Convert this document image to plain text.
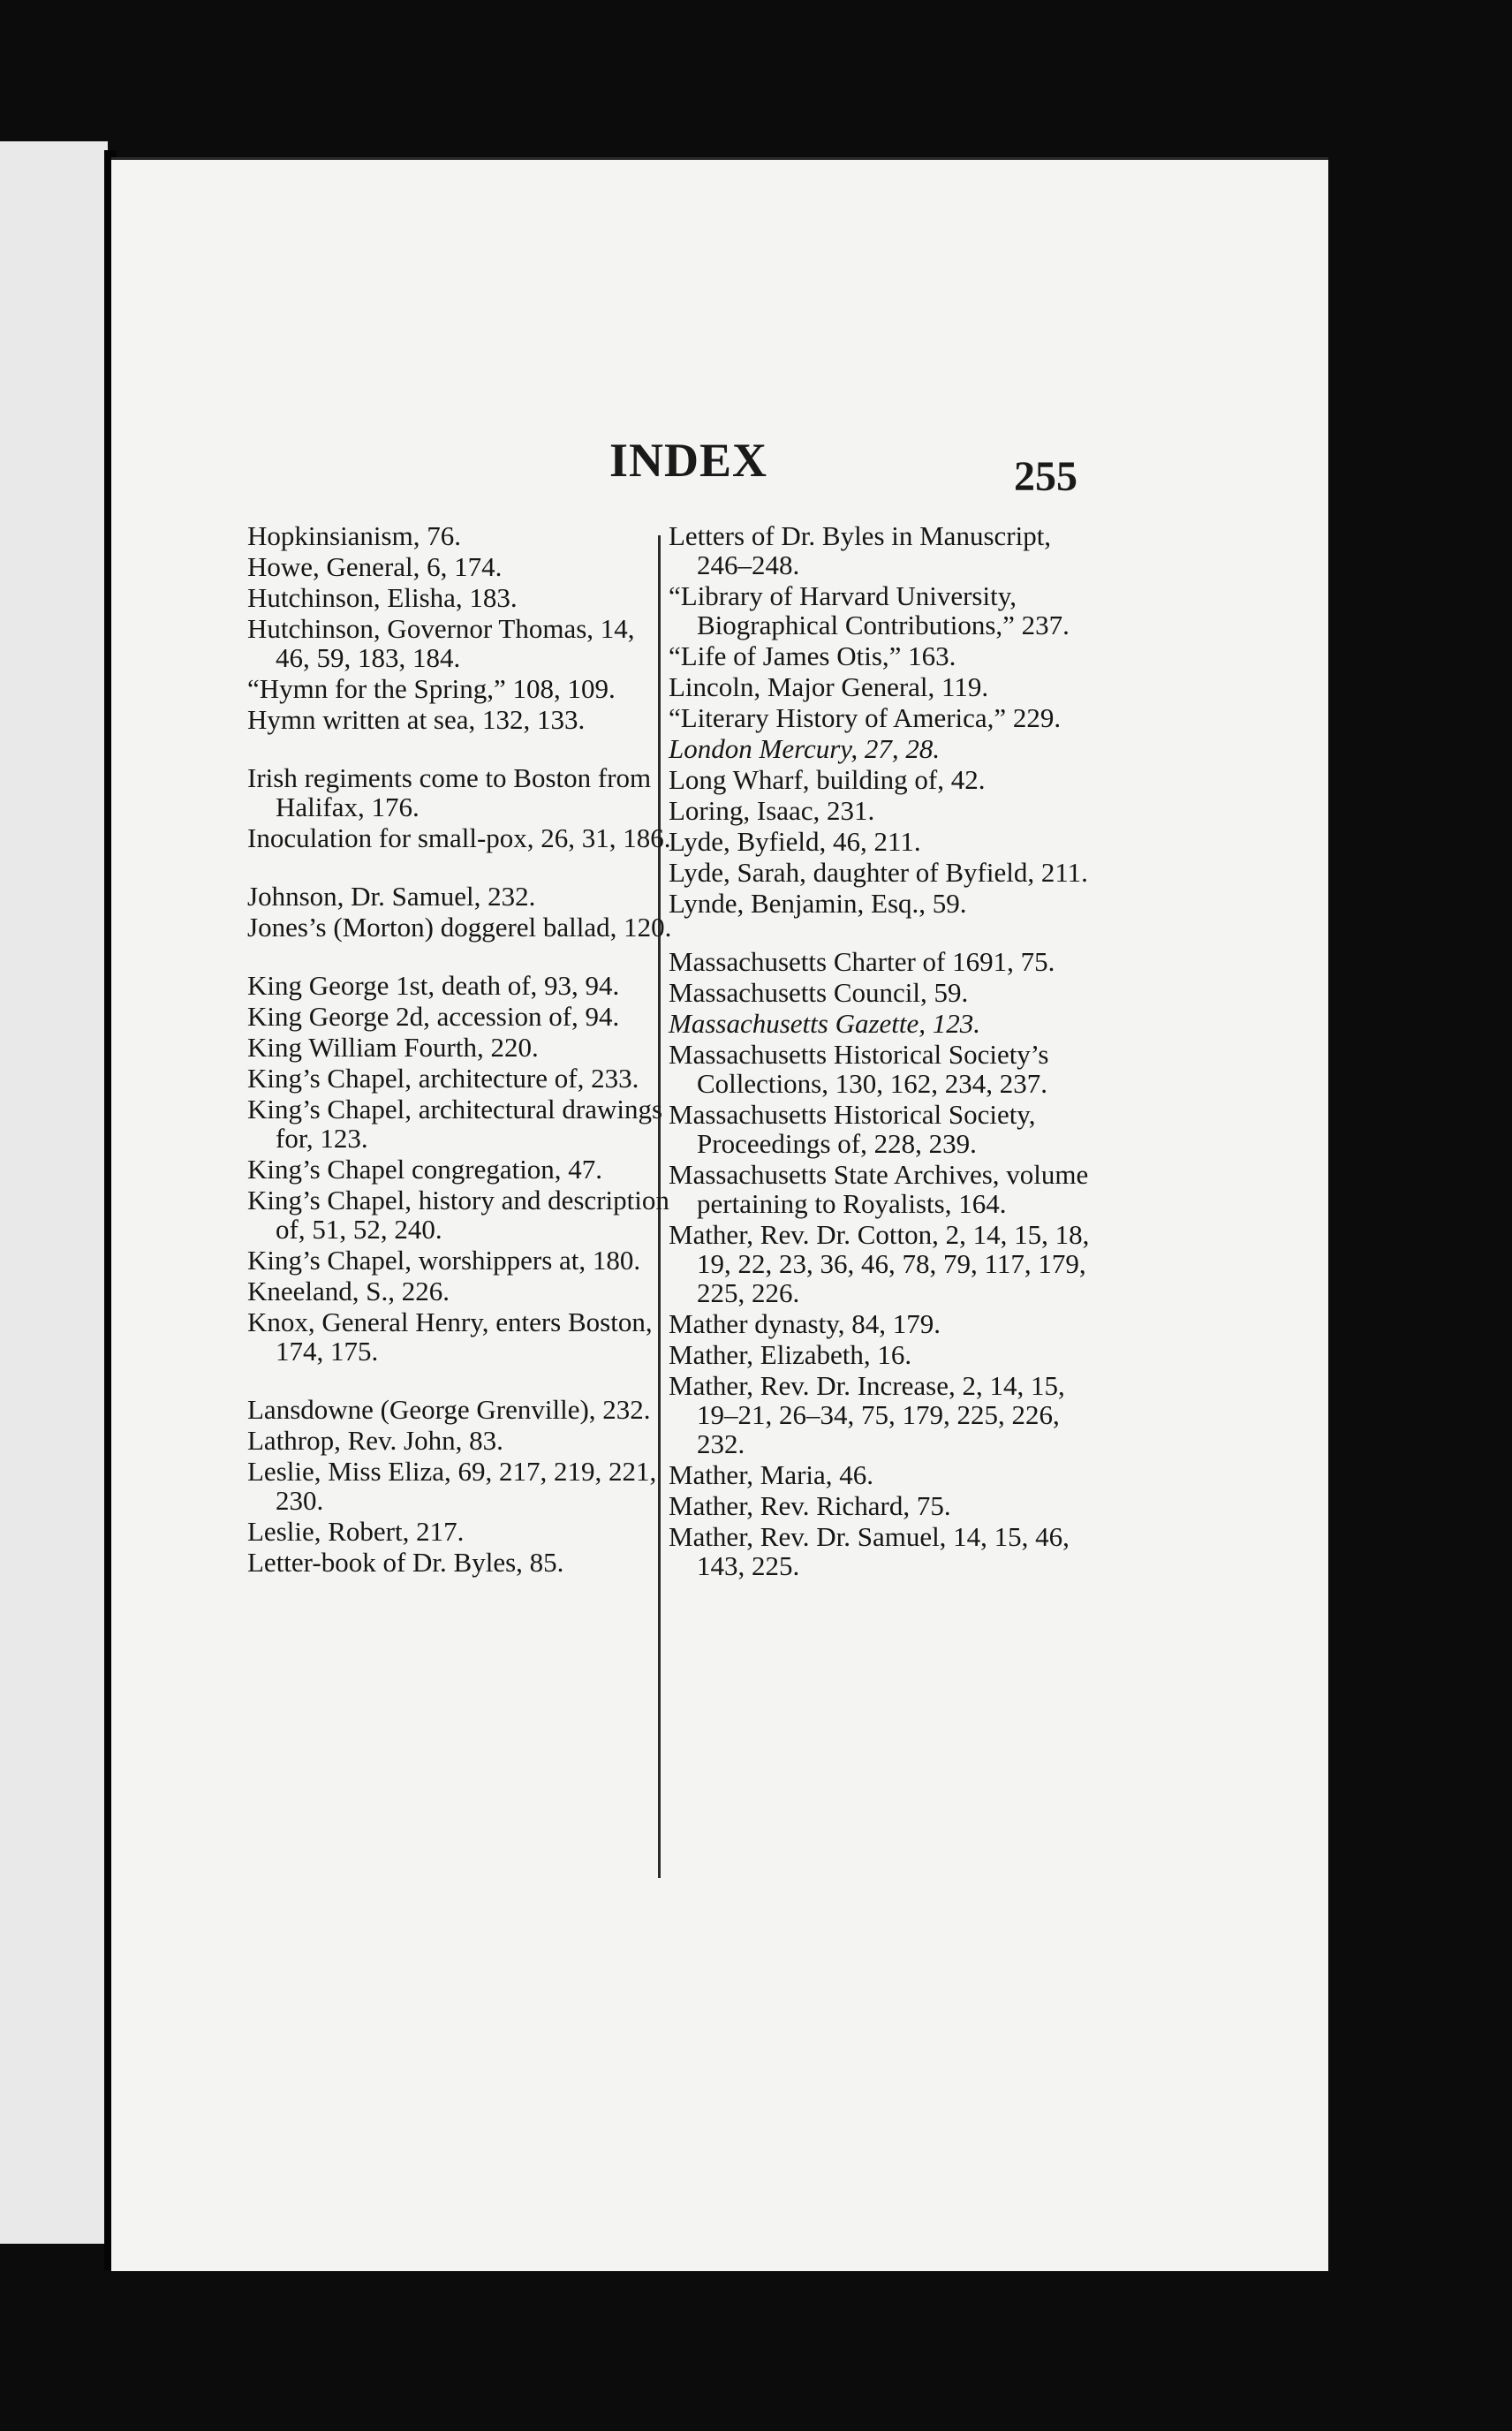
INDEX	255
Hopkinsianism, 76.
Howe, General, 6, 174.
Hutchinson, Elisha, 183.
Hutchinson, Governor Thomas, 14, 46, 59, 183, 184.
“Hymn for the Spring,” 108, 109.
Hymn written at sea, 132, 133.
Irish regiments come to Boston from Halifax, 176.
Inoculation for small-pox, 26, 31, 186.
Johnson, Dr. Samuel, 232.
Jones’s (Morton) doggerel ballad, 120.
King George 1st, death of, 93, 94.
King George 2d, accession of, 94.
King William Fourth, 220.
King’s Chapel, architecture of, 233.
King’s Chapel, architectural drawings for, 123.
King’s Chapel congregation, 47.
King’s Chapel, history and description of, 51, 52, 240.
King’s Chapel, worshippers at, 180.
Kneeland, S., 226.
Knox, General Henry, enters Boston, 174, 175.
Lansdowne (George Grenville), 232.
Lathrop, Rev. John, 83.
Leslie, Miss Eliza, 69, 217, 219, 221, 230.
Leslie, Robert, 217.
Letter-book of Dr. Byles, 85.
Letters of Dr. Byles in Manuscript, 246–248.
“Library of Harvard University, Biographical Contributions,” 237.
“Life of James Otis,” 163.
Lincoln, Major General, 119.
“Literary History of America,” 229.
London Mercury, 27, 28.
Long Wharf, building of, 42.
Loring, Isaac, 231.
Lyde, Byfield, 46, 211.
Lyde, Sarah, daughter of Byfield, 211.
Lynde, Benjamin, Esq., 59.
Massachusetts Charter of 1691, 75.
Massachusetts Council, 59.
Massachusetts Gazette, 123.
Massachusetts Historical Society’s Collections, 130, 162, 234, 237.
Massachusetts Historical Society, Proceedings of, 228, 239.
Massachusetts State Archives, volume pertaining to Royalists, 164.
Mather, Rev. Dr. Cotton, 2, 14, 15, 18, 19, 22, 23, 36, 46, 78, 79, 117, 179, 225, 226.
Mather dynasty, 84, 179.
Mather, Elizabeth, 16.
Mather, Rev. Dr. Increase, 2, 14, 15, 19–21, 26–34, 75, 179, 225, 226, 232.
Mather, Maria, 46.
Mather, Rev. Richard, 75.
Mather, Rev. Dr. Samuel, 14, 15, 46, 143, 225.
